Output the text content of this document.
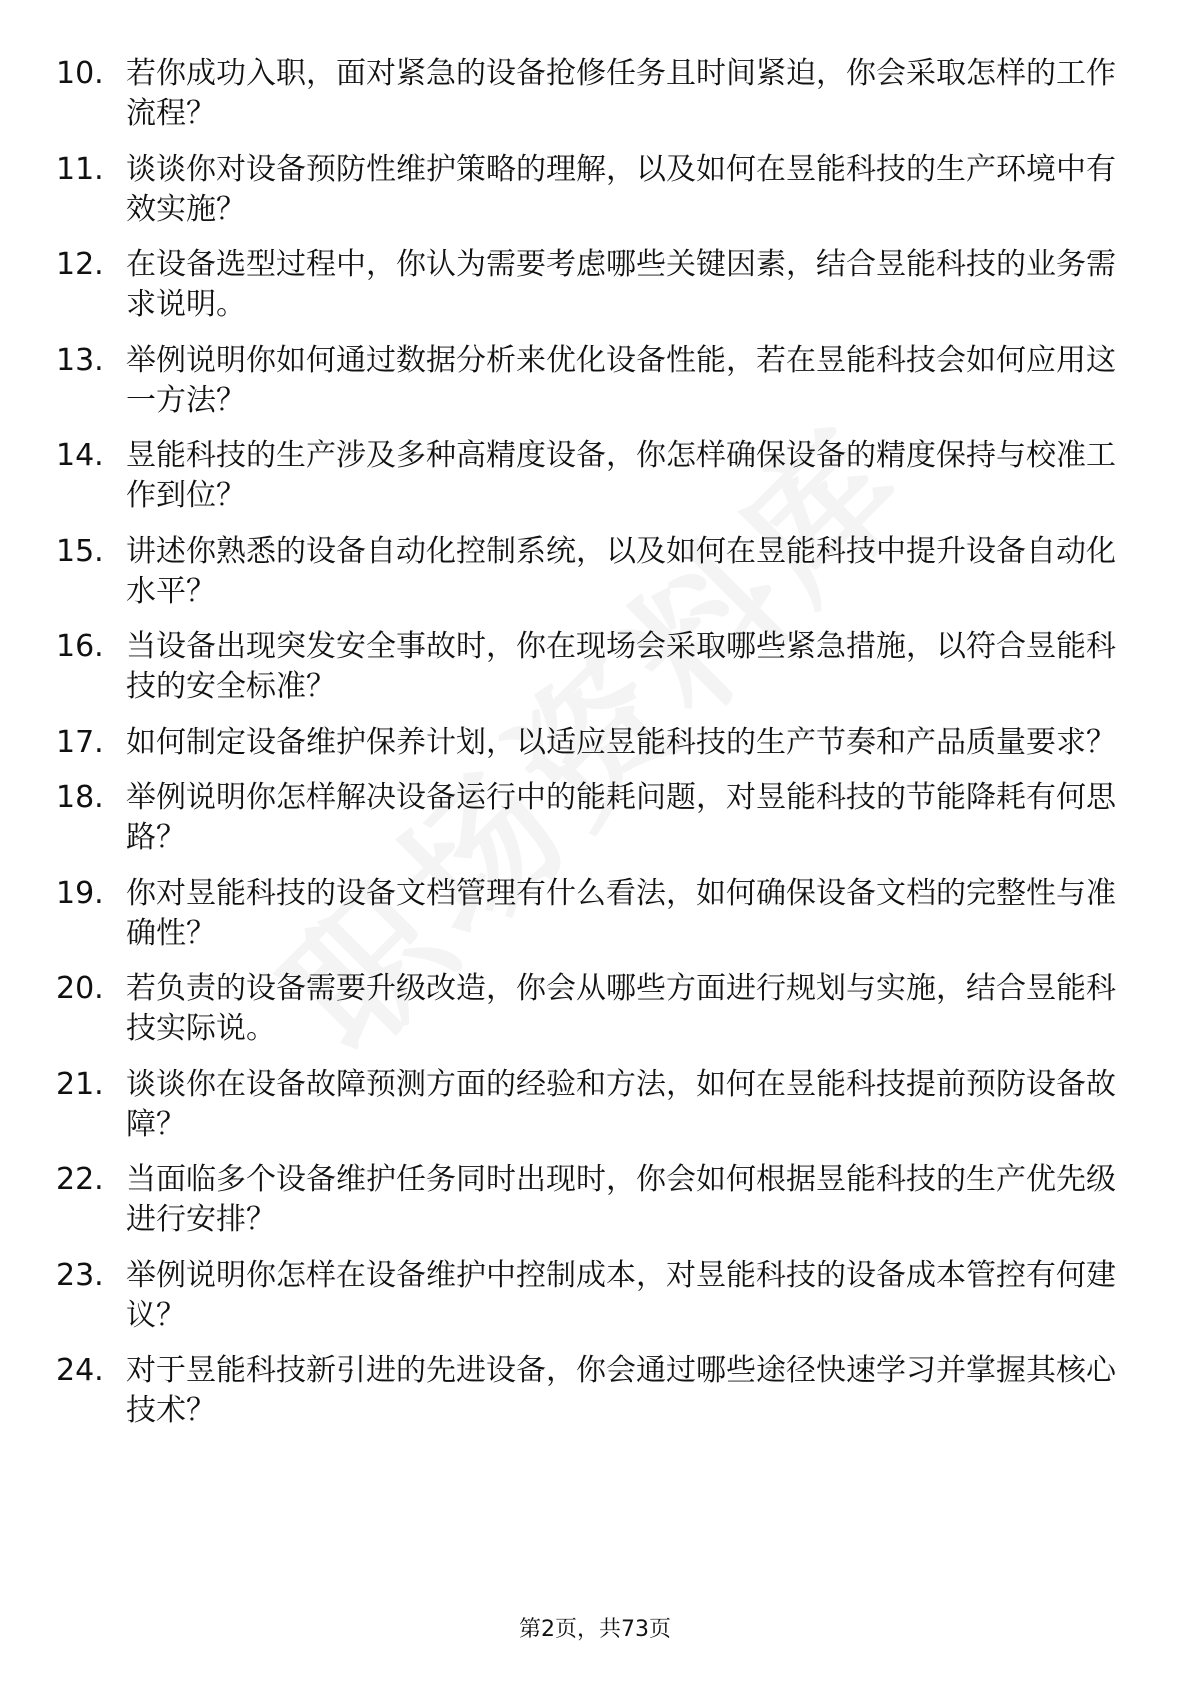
10. 若你成功入职，面对紧急的设备抢修任务且时间紧迫，你会采取怎样的工作流程？
11. 谈谈你对设备预防性维护策略的理解，以及如何在昱能科技的生产环境中有效实施？
12. 在设备选型过程中，你认为需要考虑哪些关键因素，结合昱能科技的业务需求说明。
13. 举例说明你如何通过数据分析来优化设备性能，若在昱能科技会如何应用这一方法？
14. 昱能科技的生产涉及多种高精度设备，你怎样确保设备的精度保持与校准工作到位？
15. 讲述你熟悉的设备自动化控制系统，以及如何在昱能科技中提升设备自动化水平？
16. 当设备出现突发安全事故时，你在现场会采取哪些紧急措施，以符合昱能科技的安全标准？
17. 如何制定设备维护保养计划，以适应昱能科技的生产节奏和产品质量要求？
18. 举例说明你怎样解决设备运行中的能耗问题，对昱能科技的节能降耗有何思路？
19. 你对昱能科技的设备文档管理有什么看法，如何确保设备文档的完整性与准确性？
20. 若负责的设备需要升级改造，你会从哪些方面进行规划与实施，结合昱能科技实际说。
21. 谈谈你在设备故障预测方面的经验和方法，如何在昱能科技提前预防设备故障？
22. 当面临多个设备维护任务同时出现时，你会如何根据昱能科技的生产优先级进行安排？
23. 举例说明你怎样在设备维护中控制成本，对昱能科技的设备成本管控有何建议？
24. 对于昱能科技新引进的先进设备，你会通过哪些途径快速学习并掌握其核心技术？
第2页，共73页
